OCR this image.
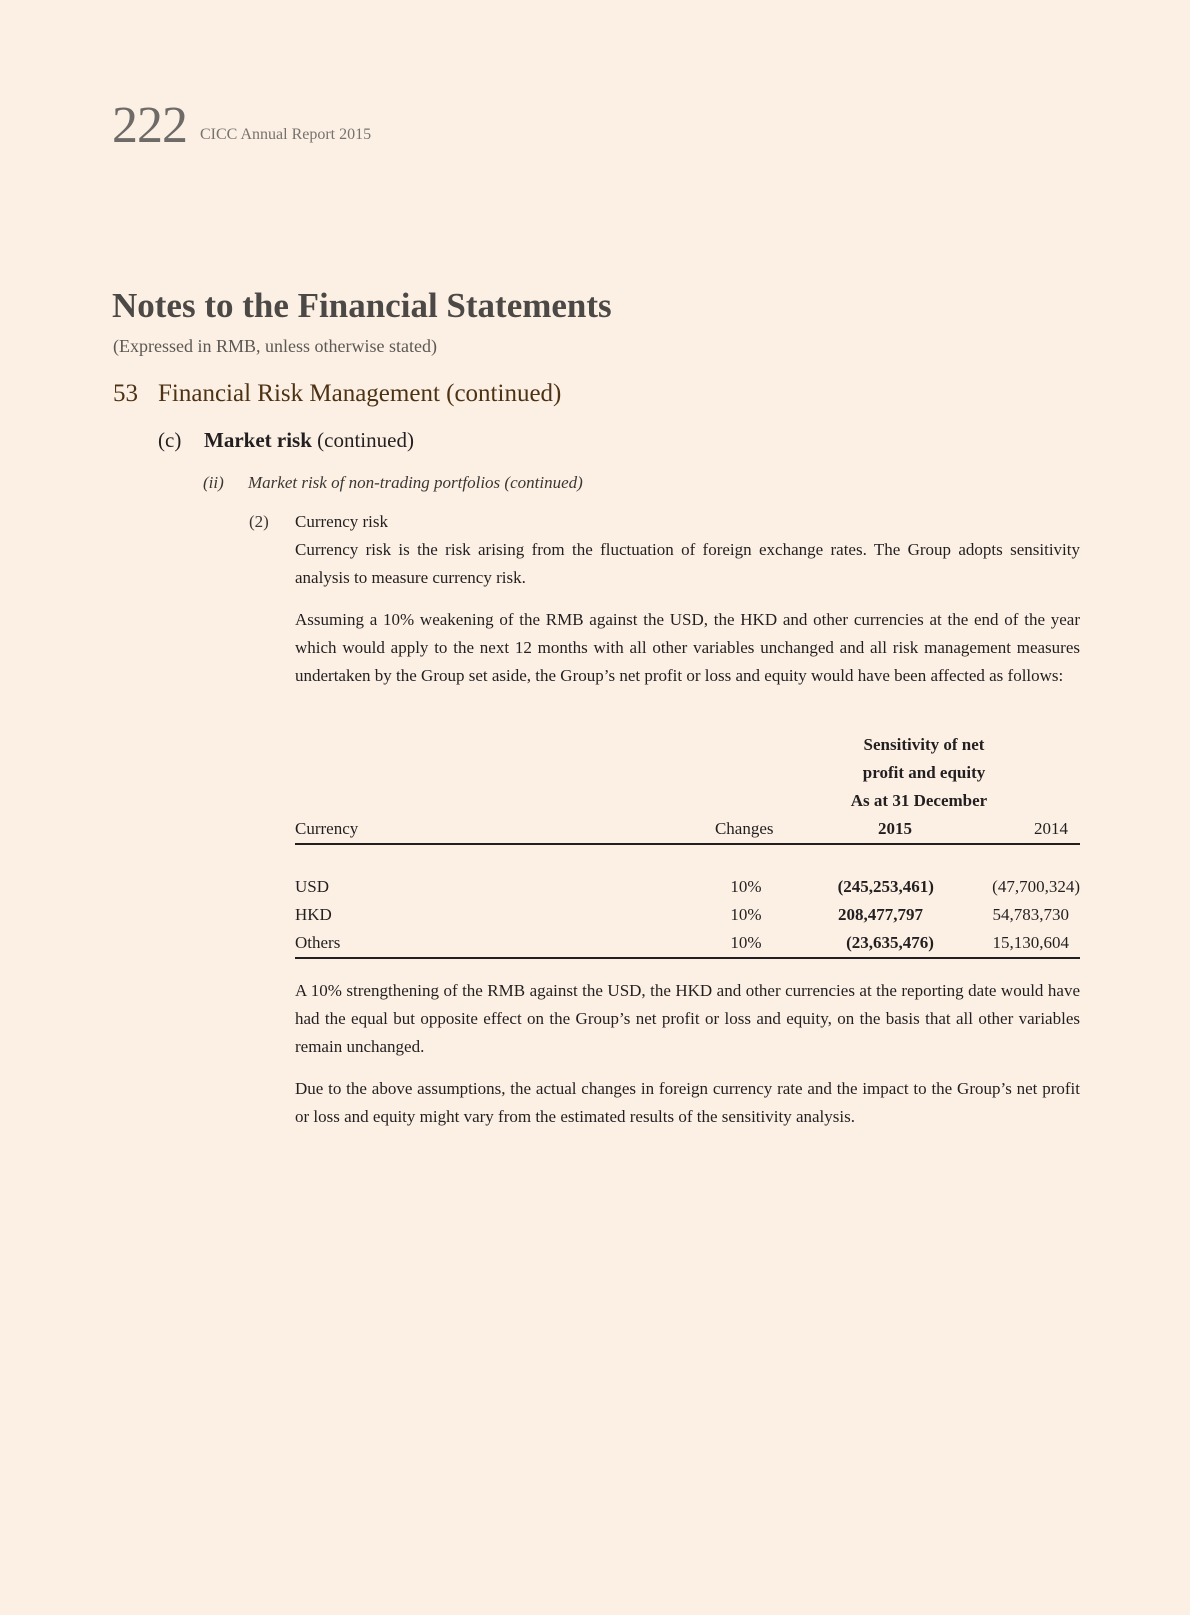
222 CICC Annual Report 2015
Notes to the Financial Statements
(Expressed in RMB, unless otherwise stated)
53 Financial Risk Management (continued)
(c) Market risk (continued)
(ii) Market risk of non-trading portfolios (continued)
(2) Currency risk
Currency risk is the risk arising from the fluctuation of foreign exchange rates. The Group adopts sensitivity analysis to measure currency risk.
Assuming a 10% weakening of the RMB against the USD, the HKD and other currencies at the end of the year which would apply to the next 12 months with all other variables unchanged and all risk management measures undertaken by the Group set aside, the Group’s net profit or loss and equity would have been affected as follows:

		Sensitivity of net	

		profit and equity	

		As at 31 December	

Currency	Changes	2015	2014

USD	10%	(245,253,461)	(47,700,324)
HKD	10%	208,477,797	54,783,730
Others	10%	(23,635,476)	15,130,604
A 10% strengthening of the RMB against the USD, the HKD and other currencies at the reporting date would have had the equal but opposite effect on the Group’s net profit or loss and equity, on the basis that all other variables remain unchanged.
Due to the above assumptions, the actual changes in foreign currency rate and the impact to the Group’s net profit or loss and equity might vary from the estimated results of the sensitivity analysis.
